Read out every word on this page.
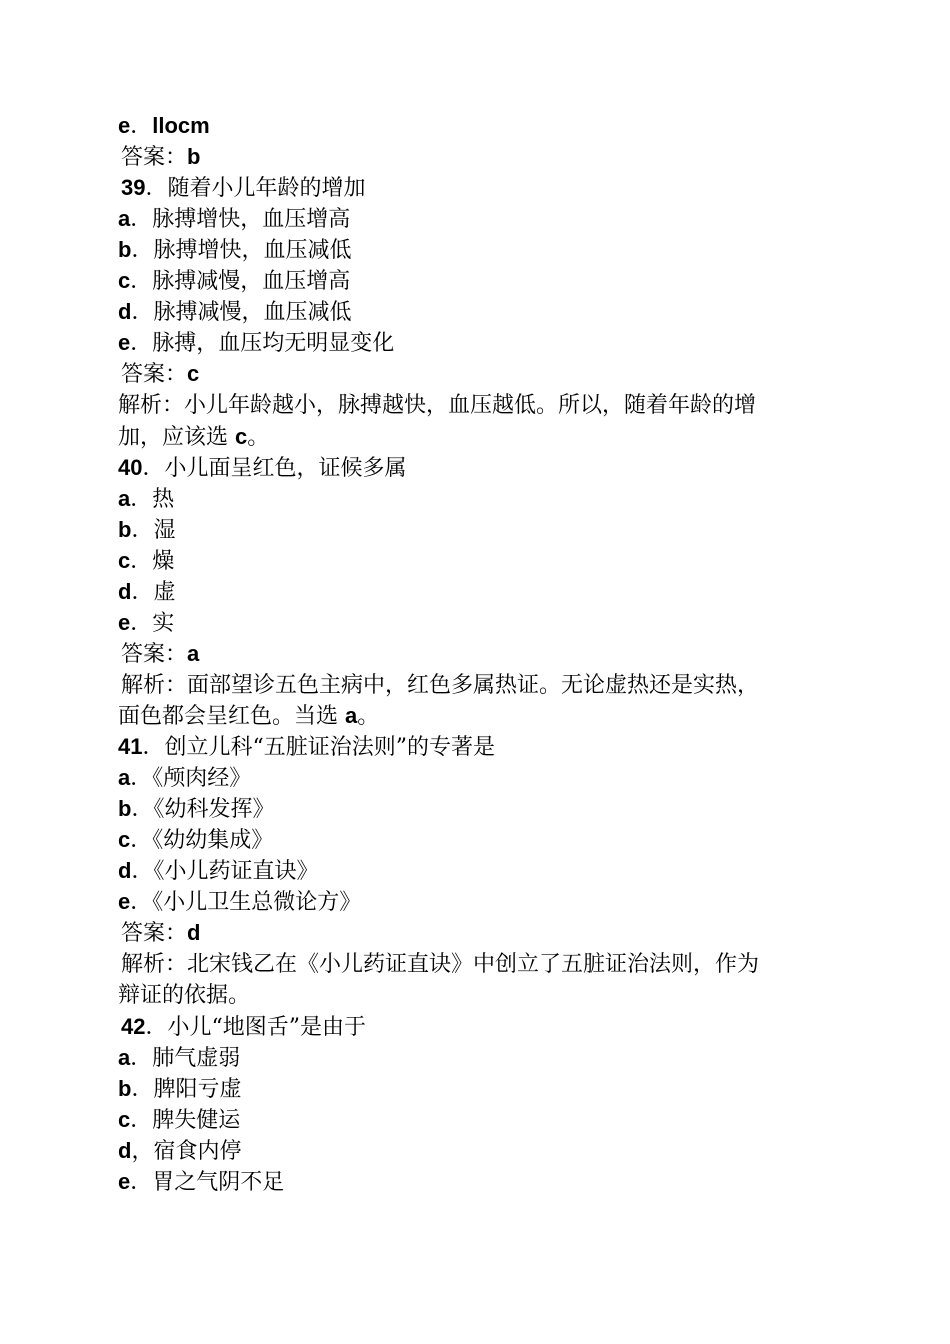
e．llocm
答案：b
39．随着小儿年龄的增加
a．脉搏增快，血压增高
b．脉搏增快，血压减低
c．脉搏减慢，血压增高
d．脉搏减慢，血压减低
e．脉搏，血压均无明显变化
答案：c
解析：小儿年龄越小，脉搏越快，血压越低。所以，随着年龄的增
加，应该选 c。
40．小儿面呈红色，证候多属
a．热
b．湿
c．燥
d．虚
e．实
答案：a
解析：面部望诊五色主病中，红色多属热证。无论虚热还是实热，
面色都会呈红色。当选 a。
41．创立儿科“五脏证治法则”的专著是
a．《颅肉经》
b．《幼科发挥》
c．《幼幼集成》
d．《小儿药证直诀》
e．《小儿卫生总微论方》
答案：d
解析：北宋钱乙在《小儿药证直诀》中创立了五脏证治法则，作为
辩证的依据。
42．小儿“地图舌”是由于
a．肺气虚弱
b．脾阳亏虚
c．脾失健运
d，宿食内停
e．胃之气阴不足
